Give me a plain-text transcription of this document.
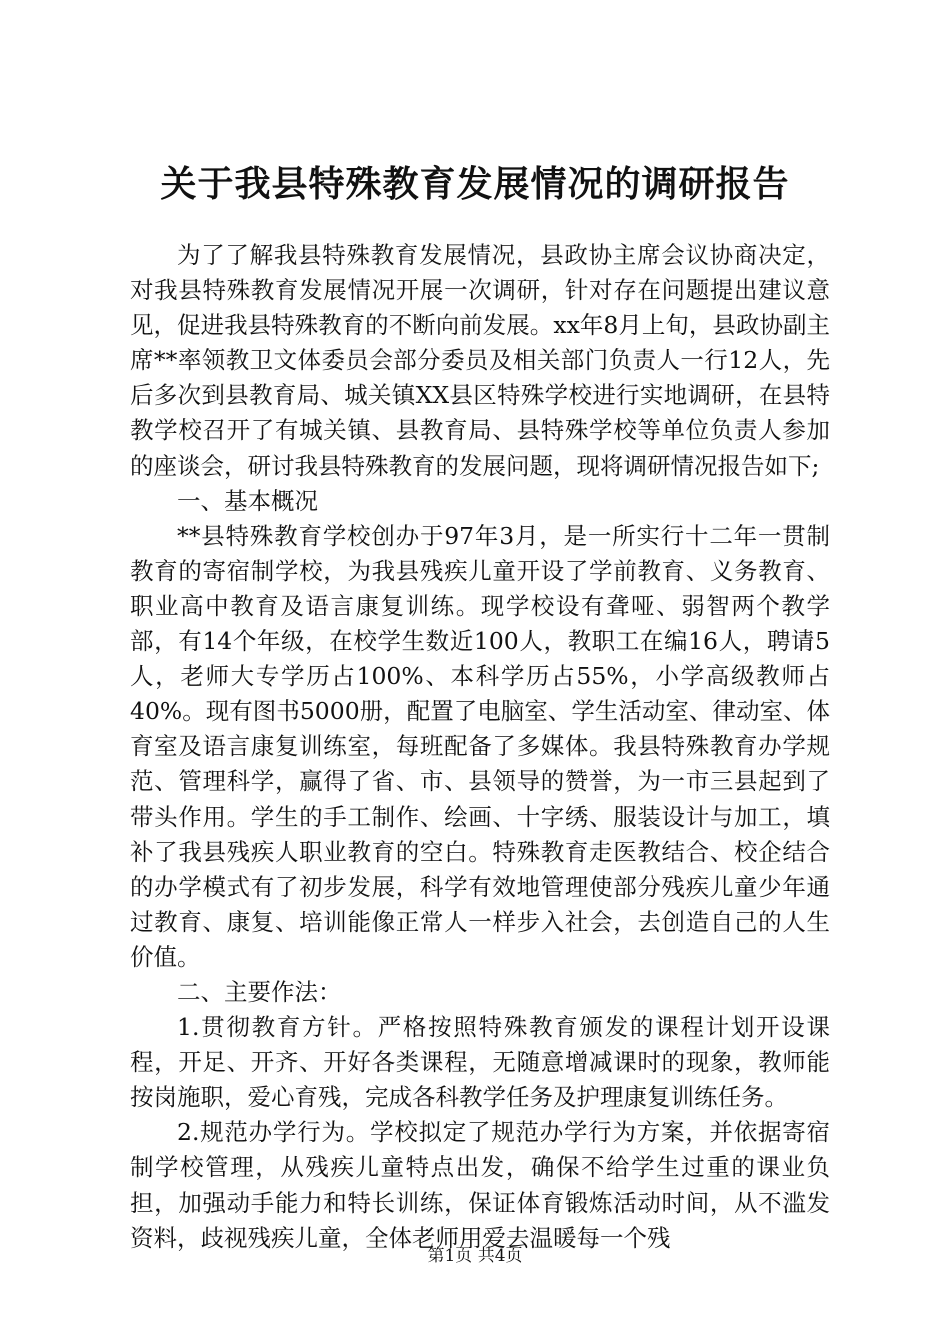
关于我县特殊教育发展情况的调研报告

为了了解我县特殊教育发展情况，县政协主席会议协商决定，对我县特殊教育发展情况开展一次调研，针对存在问题提出建议意见，促进我县特殊教育的不断向前发展。xx年8月上旬，县政协副主席**率领教卫文体委员会部分委员及相关部门负责人一行12人，先后多次到县教育局、城关镇XX县区特殊学校进行实地调研，在县特教学校召开了有城关镇、县教育局、县特殊学校等单位负责人参加的座谈会，研讨我县特殊教育的发展问题，现将调研情况报告如下;

一、基本概况

**县特殊教育学校创办于97年3月，是一所实行十二年一贯制教育的寄宿制学校，为我县残疾儿童开设了学前教育、义务教育、职业高中教育及语言康复训练。现学校设有聋哑、弱智两个教学部，有14个年级，在校学生数近100人，教职工在编16人，聘请5人，老师大专学历占100%、本科学历占55%，小学高级教师占40%。现有图书5000册，配置了电脑室、学生活动室、律动室、体育室及语言康复训练室，每班配备了多媒体。我县特殊教育办学规范、管理科学，赢得了省、市、县领导的赞誉，为一市三县起到了带头作用。学生的手工制作、绘画、十字绣、服装设计与加工，填补了我县残疾人职业教育的空白。特殊教育走医教结合、校企结合的办学模式有了初步发展，科学有效地管理使部分残疾儿童少年通过教育、康复、培训能像正常人一样步入社会，去创造自己的人生价值。

二、主要作法：

1.贯彻教育方针。严格按照特殊教育颁发的课程计划开设课程，开足、开齐、开好各类课程，无随意增减课时的现象，教师能按岗施职，爱心育残，完成各科教学任务及护理康复训练任务。

2.规范办学行为。学校拟定了规范办学行为方案，并依据寄宿制学校管理，从残疾儿童特点出发，确保不给学生过重的课业负担，加强动手能力和特长训练，保证体育锻炼活动时间，从不滥发资料，歧视残疾儿童，全体老师用爱去温暖每一个残

第1页 共4页
